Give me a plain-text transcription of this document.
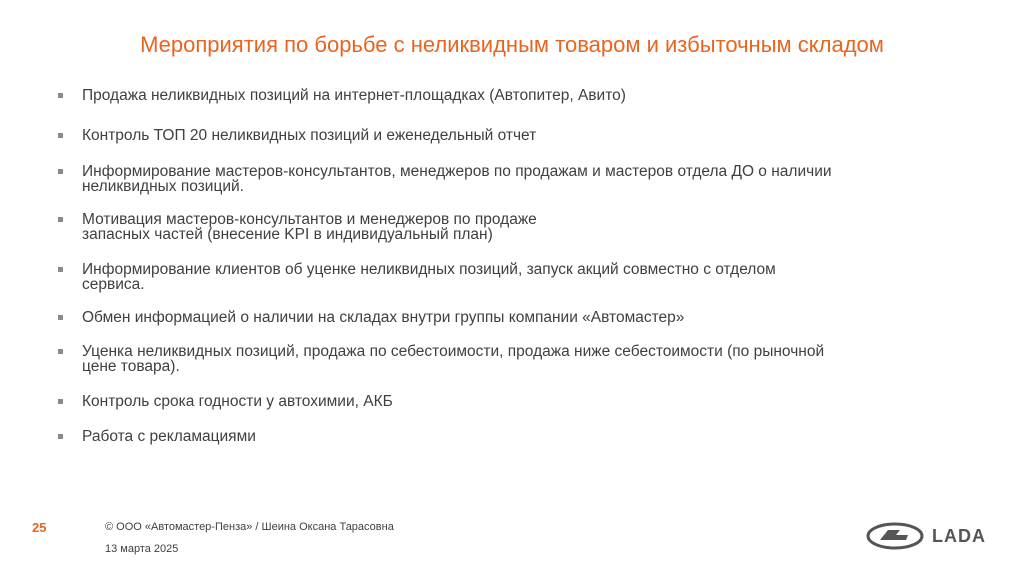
Мероприятия по борьбе с неликвидным товаром и избыточным складом
Продажа неликвидных позиций на интернет-площадках (Автопитер, Авито)
Контроль ТОП 20 неликвидных позиций и еженедельный отчет
Информирование мастеров-консультантов, менеджеров по продажам и мастеров отдела ДО о наличии
неликвидных позиций.
Мотивация мастеров-консультантов и менеджеров по продаже
запасных частей (внесение KPI в индивидуальный план)
Информирование клиентов об уценке неликвидных позиций, запуск акций совместно с отделом
сервиса.
Обмен информацией о наличии на складах внутри группы компании «Автомастер»
Уценка неликвидных позиций, продажа по себестоимости, продажа ниже себестоимости (по рыночной
цене товара).
Контроль срока годности у автохимии, АКБ
Работа с рекламациями
25	© ООО «Автомастер-Пенза» / Шеина Оксана Тарасовна
13 марта 2025
LADA
